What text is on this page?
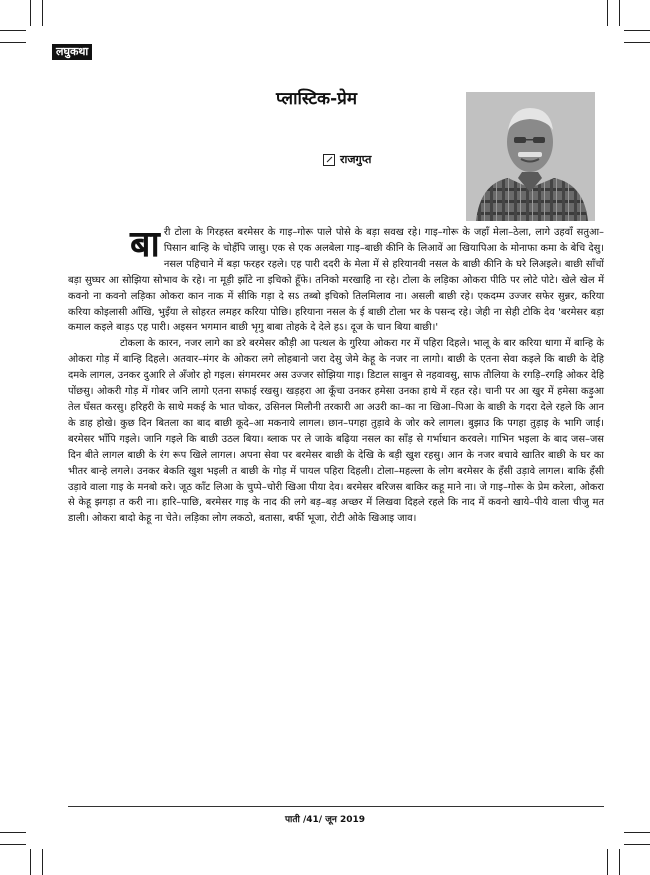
लघुकथा
प्लास्टिक-प्रेम
राजगुप्त

बारी टोला के गिरहस्त बरमेसर के गाइ–गोरू पाले पोसे के बड़ा सवख रहे। गाइ–गोरू के जहाँ मेला–ठेला, लागे उहवाँ सतुआ–पिसान बान्हि के चोहँपि जासु। एक से एक अलबेला गाइ–बाछी कीनि के लिआवें आ खियापिआ के मोनाफा कमा के बेचि देसु। नसल पहिचाने में बड़ा फरहर रहले। एह पारी ददरी के मेला में से हरियानवी नसल के बाछी कीनि के घरे लिअइले। बाछी साँचों बड़ा सुघ्घर आ सोझिया सोभाव के रहे। ना मूड़ी झाँटे ना इचिको हूँफे। तनिको मरखाहि ना रहे। टोला के लड़िका ओकरा पीठि पर लोटे पोटे। खेले खेल में कवनो ना कवनो लड़िका ओकरा कान नाक में सीकि गड़ा दे सऽ तब्बो इचिको तिलमिलाव ना। असली बाछी रहे। एकदम्म उज्जर सफेर सुन्नर, करिया करिया कोइलासी आँखि, भुइँया ले सोहरत लमहर करिया पोछि। हरियाना नसल के ई बाछी टोला भर के पसन्द रहे। जेही ना सेही टोकि देव 'बरमेसर बड़ा कमाल कइले बाड़ऽ एह पारी। अइसन भगमान बाछी भृगु बाबा तोहके दे देले हऽ। दूज के चान बिया बाछी।'

टोकला के कारन, नजर लागे का डरे बरमेसर कौड़ी आ पत्थल के गुरिया ओकरा गर में पहिरा दिहले। भालू के बार करिया धागा में बान्हि के ओकरा गोड़ में बान्हि दिहले। अतवार–मंगर के ओकरा लगे लोहबानो जरा देसु जेमे केहू के नजर ना लागो। बाछी के एतना सेवा कइले कि बाछी के देहि दमके लागल, उनकर दुआरि ले अँजोर हो गइल। संगमरमर अस उज्जर सोझिया गाइ। डिटाल साबुन से नहवावसु, साफ तौलिया के रगड़ि–रगड़ि ओकर देहि पोंछसु। ओकरी गोड़ में गोबर जनि लागो एतना सफाई रखसु। खड़हरा आ कूँचा उनकर हमेसा उनका हाथे में रहत रहे। चानी पर आ खुर में हमेसा कड़ुआ तेल घँसत करसु। हरिहरी के साथे मकई के भात चोकर, उसिनल मिलौनी तरकारी आ अउरी का–का ना खिआ–पिआ के बाछी के गदरा देले रहले कि आन के डाह होखे। कुछ दिन बितला का बाद बाछी कूदे–आ मकनाये लागल। छान–पगहा तुड़ावे के जोर करे लागल। बुझाउ कि पगहा तुड़ाइ के भागि जाई। बरमेसर भाँपि गइले। जानि गइले कि बाछी उठल बिया। ब्लाक पर ले जाके बढ़िया नसल का साँड़ से गर्भाधान करवले। गाभिन भइला के बाद जस–जस दिन बीते लागल बाछी के रंग रूप खिले लागल। अपना सेवा पर बरमेसर बाछी के देखि के बड़ी खुश रहसु। आन के नजर बचावे खातिर बाछी के घर का भीतर बान्हे लगले। उनकर बेकति खुश भइली त बाछी के गोड़ में पायल पहिरा दिहली। टोला–महल्ला के लोग बरमेसर के हँसी उड़ावे लागल। बाकि हँसी उड़ावे वाला गाइ के मनबो करे। जूठ काँट लिआ के चुप्पे–चोरी खिआ पीया देव। बरमेसर बरिजस बाकिर कहू माने ना। जे गाइ–गोरू के प्रेम करेला, ओकरा से केहू झगड़ा त करी ना। हारि–पाछि, बरमेसर गाइ के नाद की लगे बड़–बड़ अच्छर में लिखवा दिहले रहले कि नाद में कवनो खाये–पीये वाला चीजु मत डाली। ओकरा बादो केहू ना चेते। लड़िका लोग लकठो, बतासा, बर्फी भूजा, रोटी ओके खिआइ जाव।

पाती /41/ जून 2019
